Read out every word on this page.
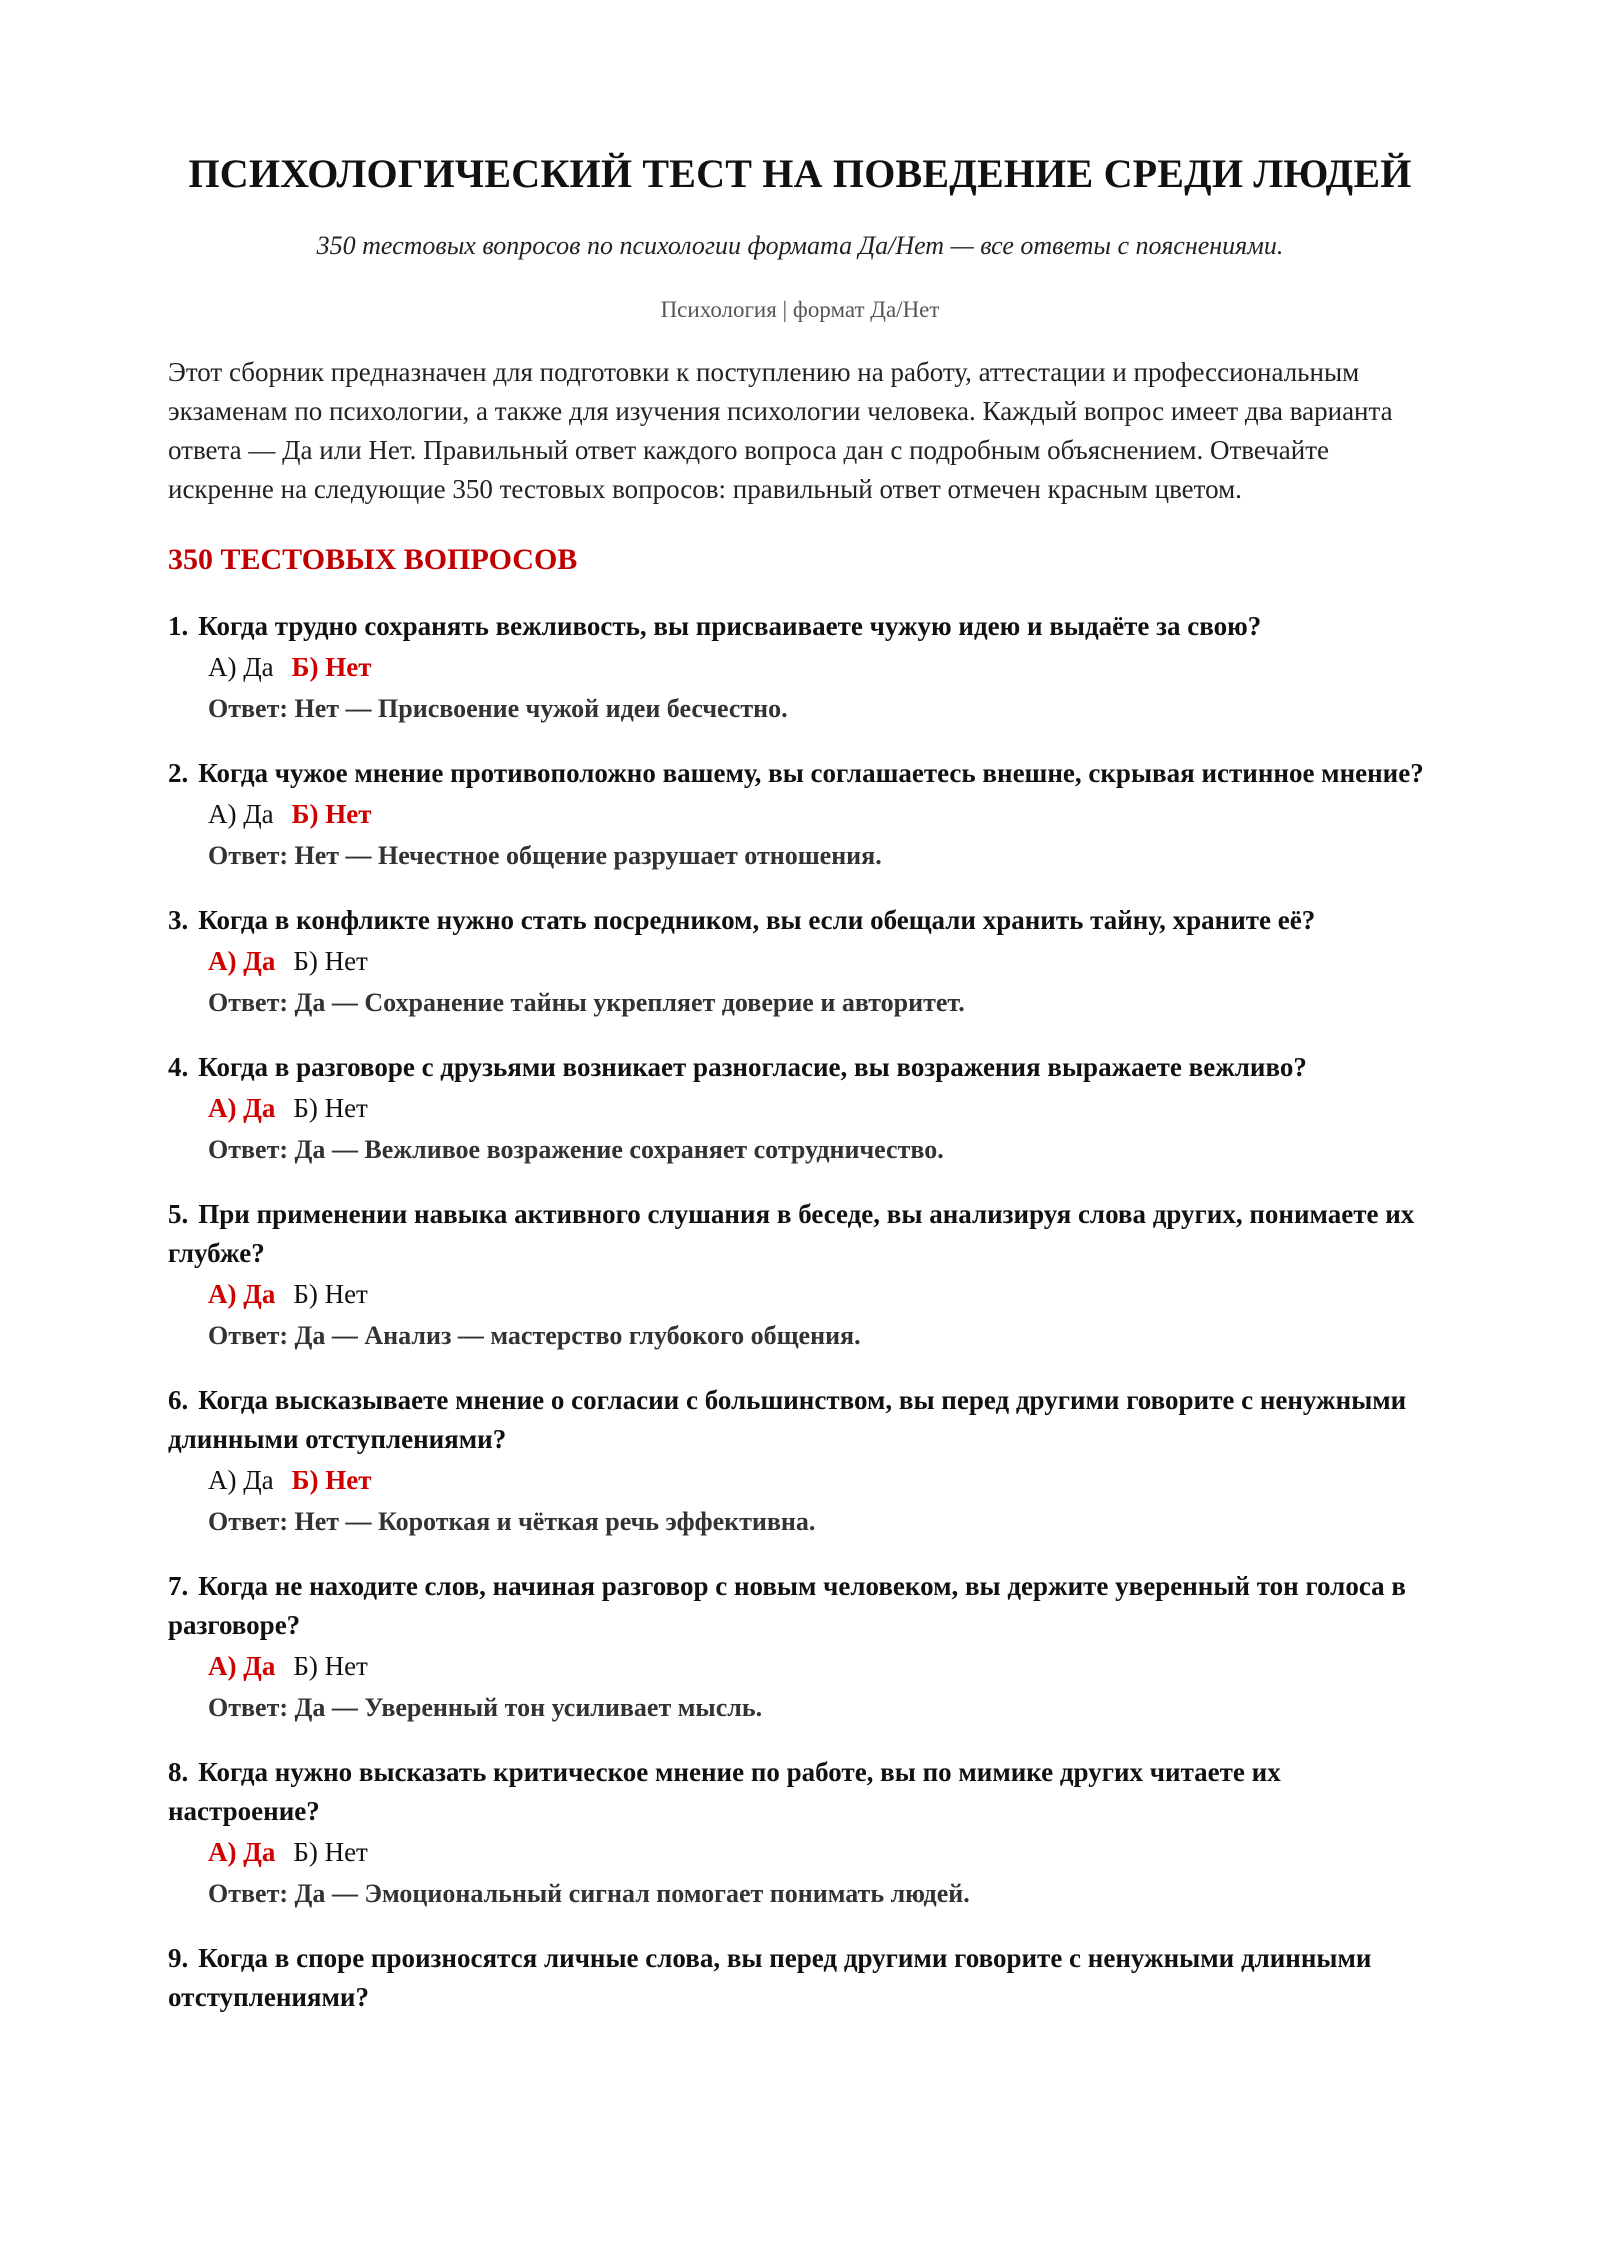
ПСИХОЛОГИЧЕСКИЙ ТЕСТ НА ПОВЕДЕНИЕ СРЕДИ ЛЮДЕЙ
350 тестовых вопросов по психологии формата Да/Нет — все ответы с пояснениями.
Психология | формат Да/Нет
Этот сборник предназначен для подготовки к поступлению на работу, аттестации и профессиональным экзаменам по психологии, а также для изучения психологии человека. Каждый вопрос имеет два варианта ответа — Да или Нет. Правильный ответ каждого вопроса дан с подробным объяснением. Отвечайте искренне на следующие 350 тестовых вопросов: правильный ответ отмечен красным цветом.
350 ТЕСТОВЫХ ВОПРОСОВ
1. Когда трудно сохранять вежливость, вы присваиваете чужую идею и выдаёте за свою?
А) Да Б) Нет
Ответ: Нет — Присвоение чужой идеи бесчестно.
2. Когда чужое мнение противоположно вашему, вы соглашаетесь внешне, скрывая истинное мнение?
А) Да Б) Нет
Ответ: Нет — Нечестное общение разрушает отношения.
3. Когда в конфликте нужно стать посредником, вы если обещали хранить тайну, храните её?
А) Да Б) Нет
Ответ: Да — Сохранение тайны укрепляет доверие и авторитет.
4. Когда в разговоре с друзьями возникает разногласие, вы возражения выражаете вежливо?
А) Да Б) Нет
Ответ: Да — Вежливое возражение сохраняет сотрудничество.
5. При применении навыка активного слушания в беседе, вы анализируя слова других, понимаете их глубже?
А) Да Б) Нет
Ответ: Да — Анализ — мастерство глубокого общения.
6. Когда высказываете мнение о согласии с большинством, вы перед другими говорите с ненужными длинными отступлениями?
А) Да Б) Нет
Ответ: Нет — Короткая и чёткая речь эффективна.
7. Когда не находите слов, начиная разговор с новым человеком, вы держите уверенный тон голоса в разговоре?
А) Да Б) Нет
Ответ: Да — Уверенный тон усиливает мысль.
8. Когда нужно высказать критическое мнение по работе, вы по мимике других читаете их настроение?
А) Да Б) Нет
Ответ: Да — Эмоциональный сигнал помогает понимать людей.
9. Когда в споре произносятся личные слова, вы перед другими говорите с ненужными длинными отступлениями?
